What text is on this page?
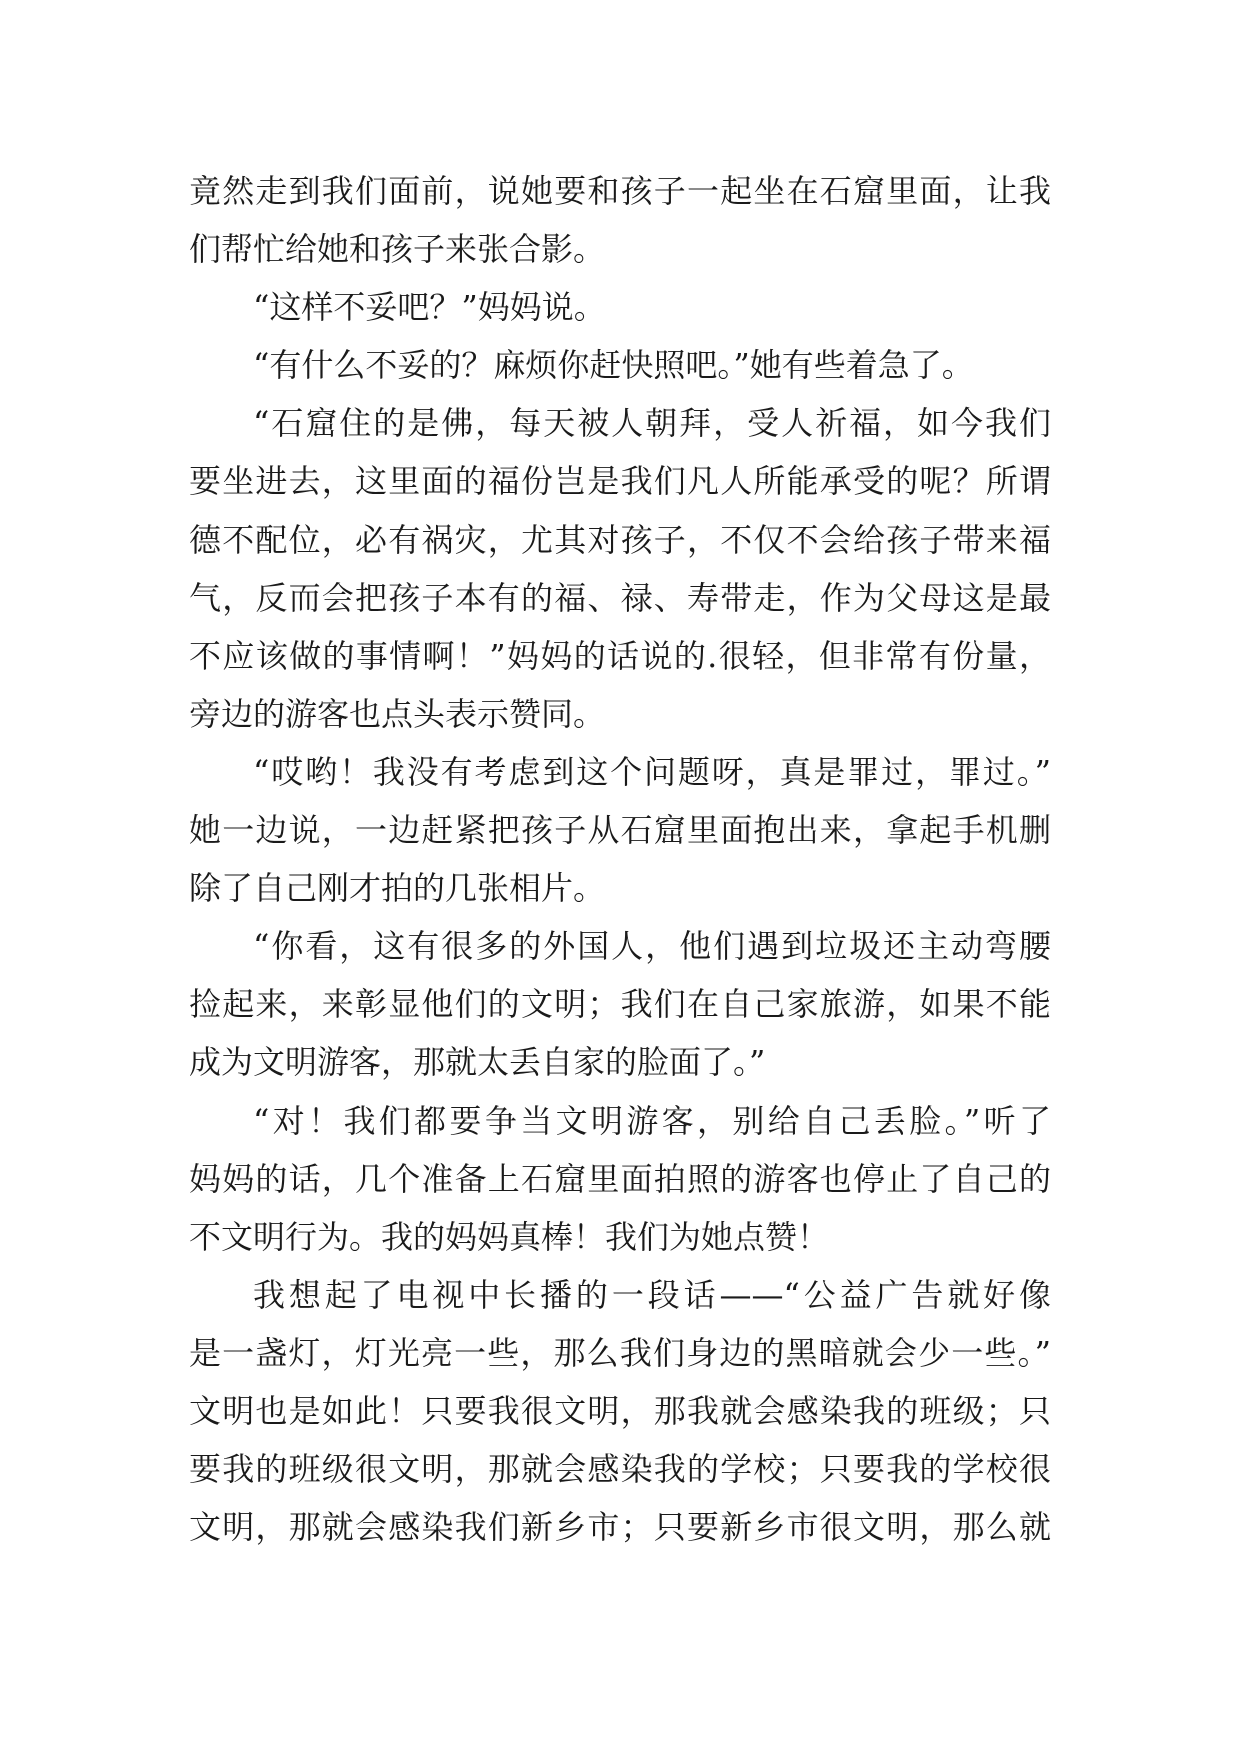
竟然走到我们面前，说她要和孩子一起坐在石窟里面，让我
们帮忙给她和孩子来张合影。
“这样不妥吧？”妈妈说。
“有什么不妥的？麻烦你赶快照吧。”她有些着急了。
“石窟住的是佛，每天被人朝拜，受人祈福，如今我们
要坐进去，这里面的福份岂是我们凡人所能承受的呢？所谓
德不配位，必有祸灾，尤其对孩子，不仅不会给孩子带来福
气，反而会把孩子本有的福、禄、寿带走，作为父母这是最
不应该做的事情啊！”妈妈的话说的.很轻，但非常有份量，
旁边的游客也点头表示赞同。
“哎哟！我没有考虑到这个问题呀，真是罪过，罪过。”
她一边说，一边赶紧把孩子从石窟里面抱出来，拿起手机删
除了自己刚才拍的几张相片。
“你看，这有很多的外国人，他们遇到垃圾还主动弯腰
捡起来，来彰显他们的文明；我们在自己家旅游，如果不能
成为文明游客，那就太丢自家的脸面了。”
“对！我们都要争当文明游客，别给自己丢脸。”听了
妈妈的话，几个准备上石窟里面拍照的游客也停止了自己的
不文明行为。我的妈妈真棒！我们为她点赞！
我想起了电视中长播的一段话——“公益广告就好像
是一盏灯，灯光亮一些，那么我们身边的黑暗就会少一些。”
文明也是如此！只要我很文明，那我就会感染我的班级；只
要我的班级很文明，那就会感染我的学校；只要我的学校很
文明，那就会感染我们新乡市；只要新乡市很文明，那么就
